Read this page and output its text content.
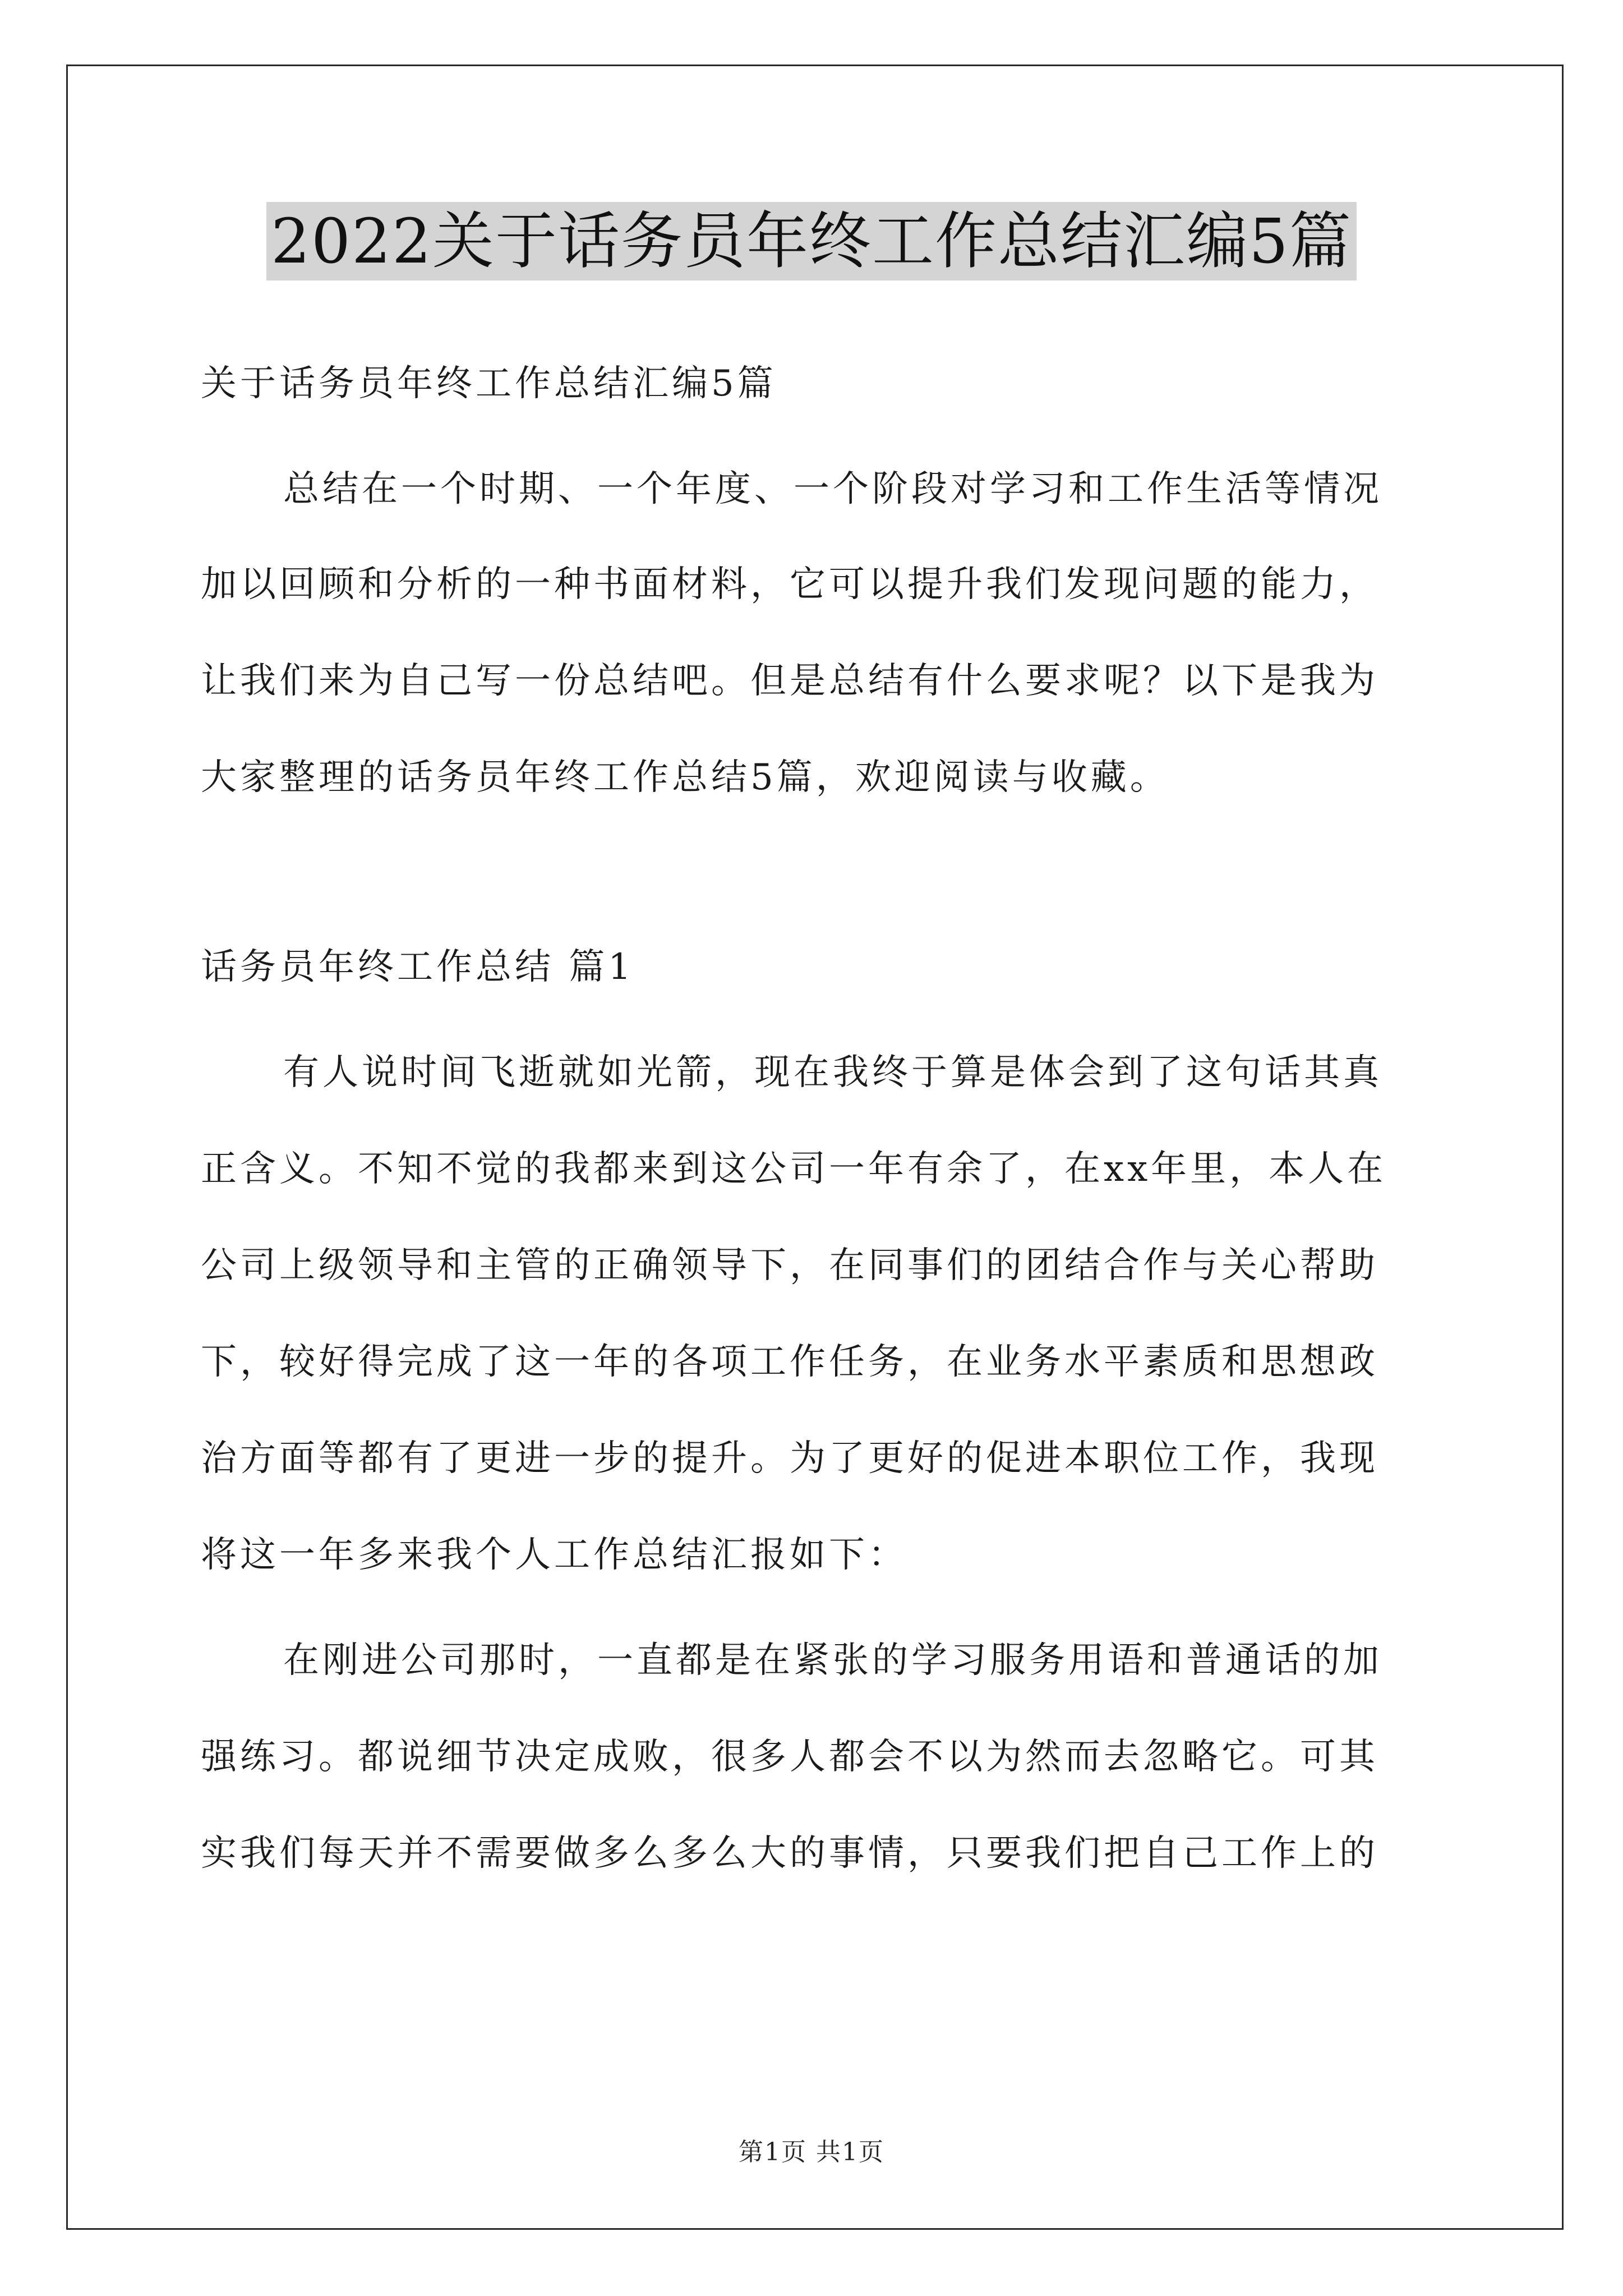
2022关于话务员年终工作总结汇编5篇
关于话务员年终工作总结汇编5篇
总结在一个时期、一个年度、一个阶段对学习和工作生活等情况
加以回顾和分析的一种书面材料，它可以提升我们发现问题的能力，
让我们来为自己写一份总结吧。但是总结有什么要求呢？以下是我为
大家整理的话务员年终工作总结5篇，欢迎阅读与收藏。
话务员年终工作总结 篇1
有人说时间飞逝就如光箭，现在我终于算是体会到了这句话其真
正含义。不知不觉的我都来到这公司一年有余了，在xx年里，本人在
公司上级领导和主管的正确领导下，在同事们的团结合作与关心帮助
下，较好得完成了这一年的各项工作任务，在业务水平素质和思想政
治方面等都有了更进一步的提升。为了更好的促进本职位工作，我现
将这一年多来我个人工作总结汇报如下：
在刚进公司那时，一直都是在紧张的学习服务用语和普通话的加
强练习。都说细节决定成败，很多人都会不以为然而去忽略它。可其
实我们每天并不需要做多么多么大的事情，只要我们把自己工作上的
第1页 共1页
